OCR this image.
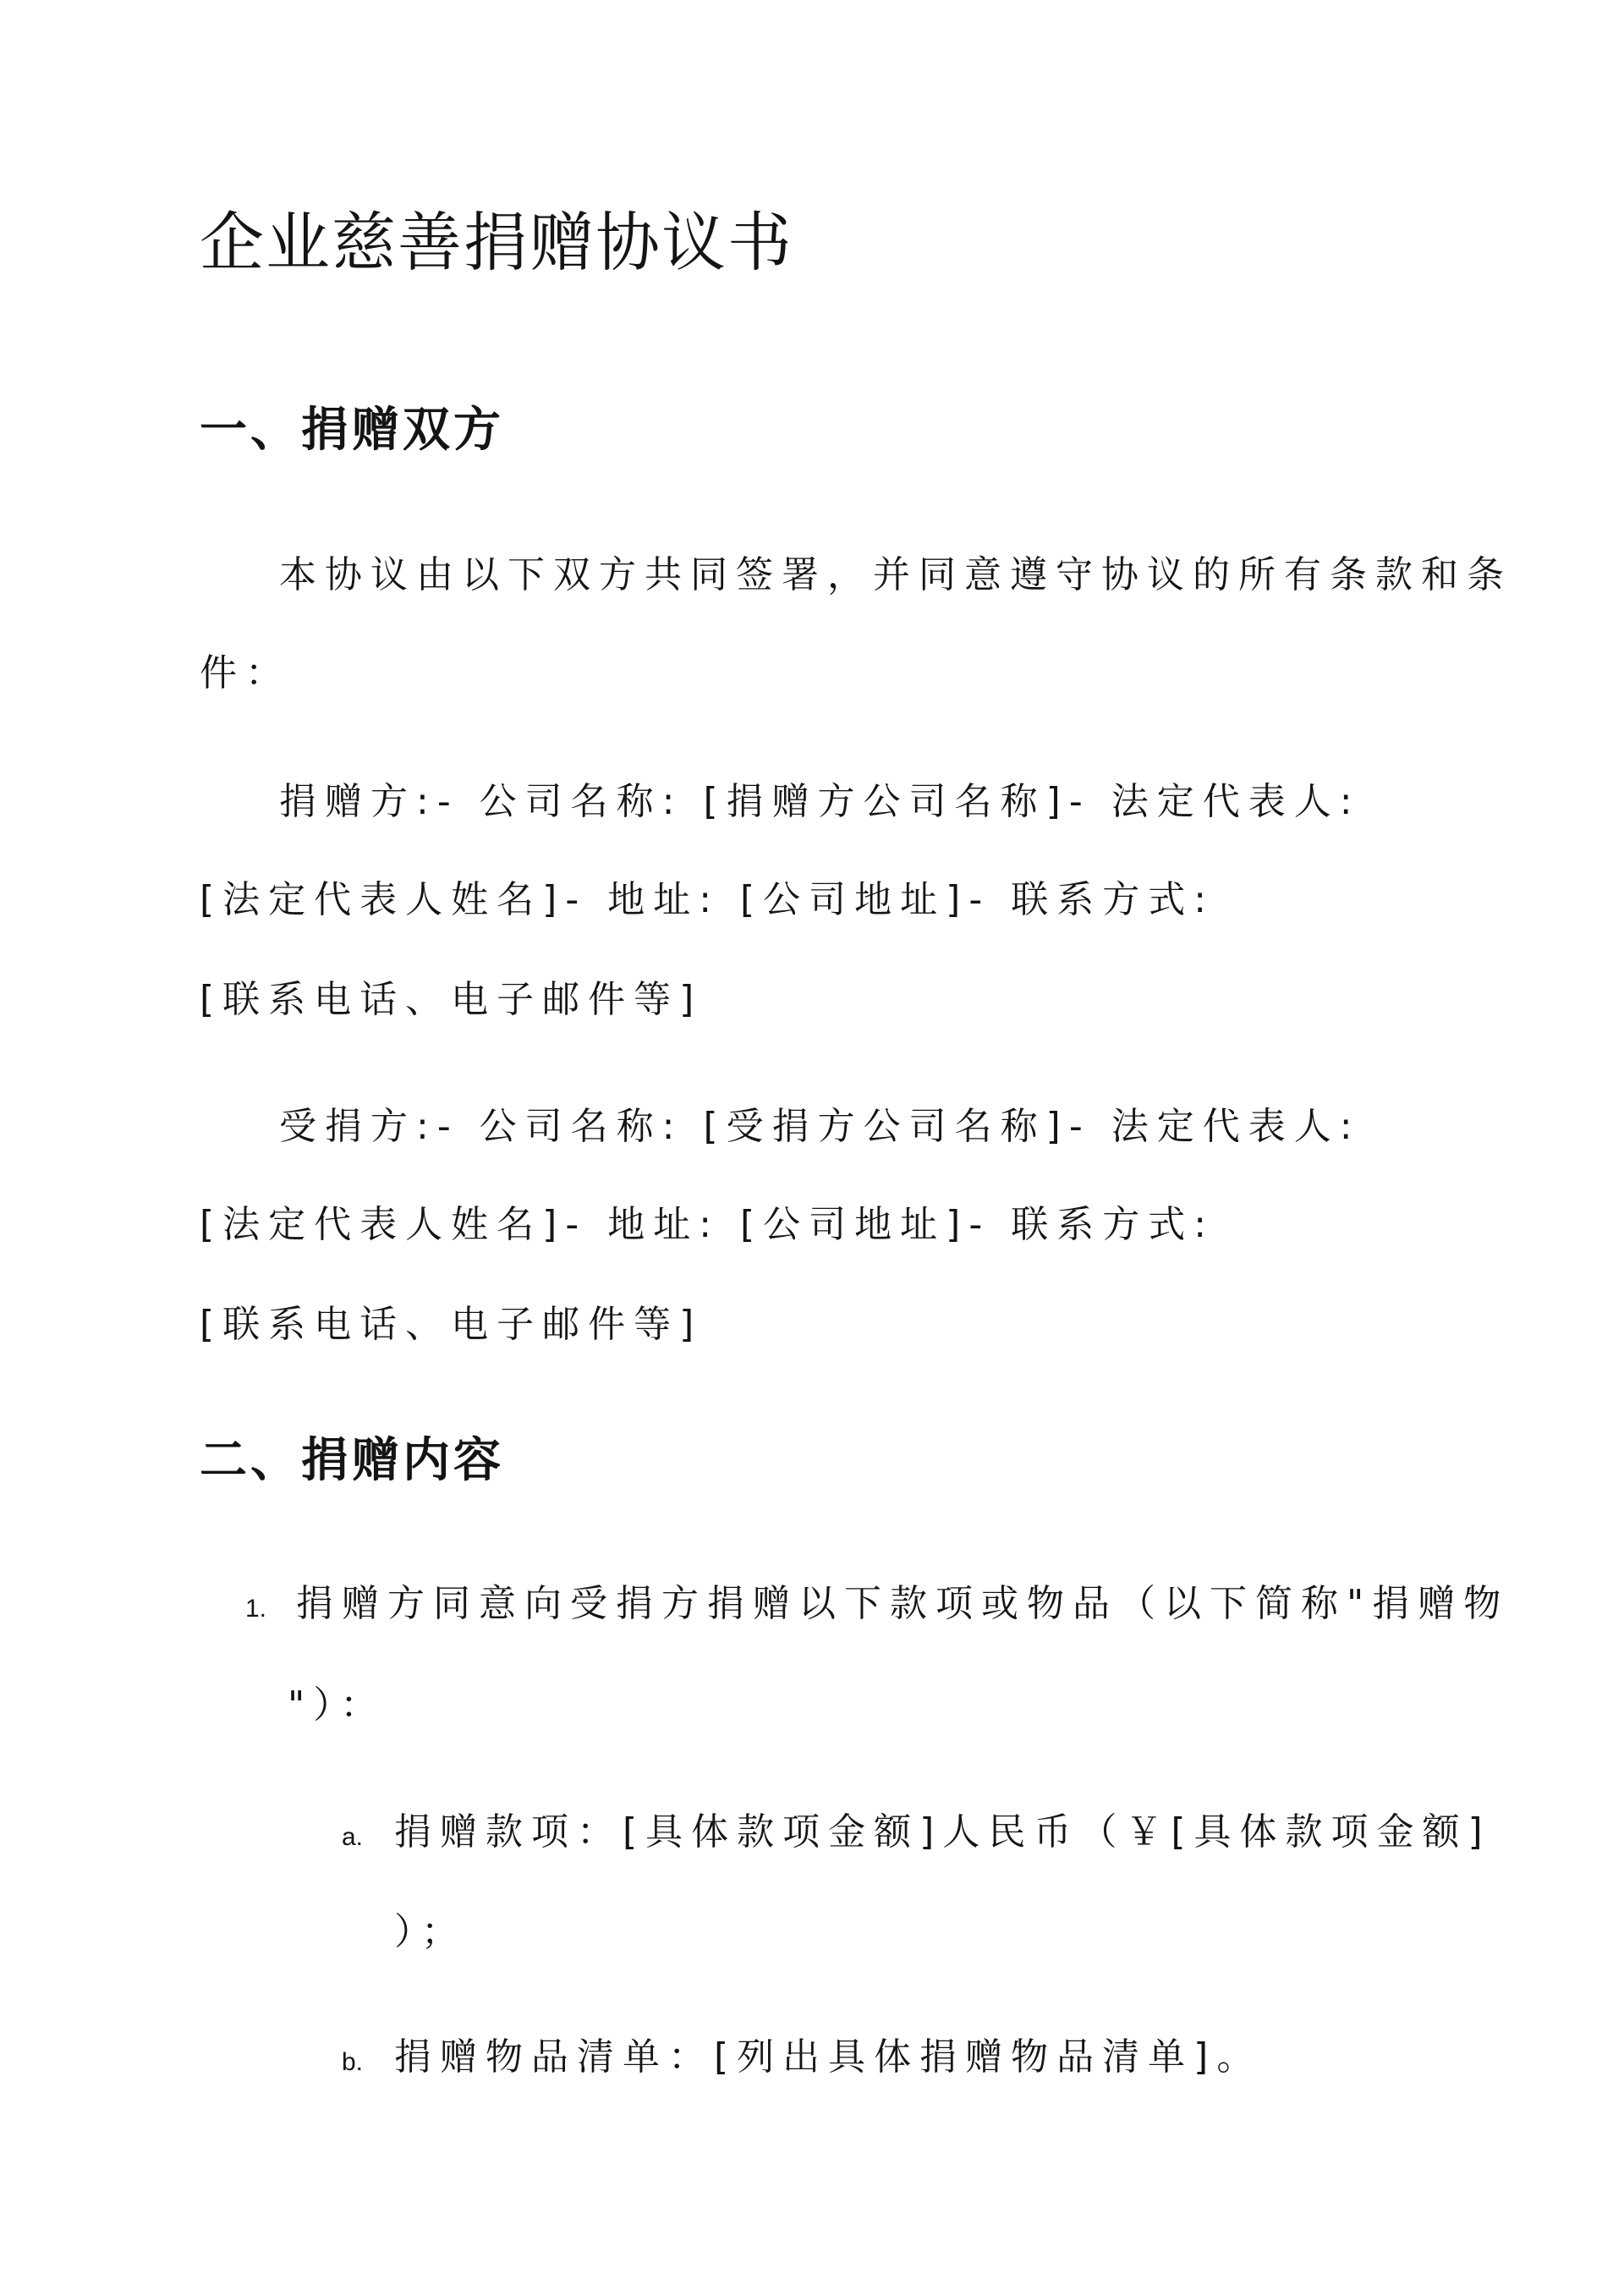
企业慈善捐赠协议书
一、捐赠双方
本协议由以下双方共同签署，并同意遵守协议的所有条款和条
件：
捐赠方:- 公司名称: [捐赠方公司名称]- 法定代表人:
[法定代表人姓名]- 地址: [公司地址]- 联系方式:
[联系电话、电子邮件等]
受捐方:- 公司名称: [受捐方公司名称]- 法定代表人:
[法定代表人姓名]- 地址: [公司地址]- 联系方式:
[联系电话、电子邮件等]
二、捐赠内容
1. 捐赠方同意向受捐方捐赠以下款项或物品（以下简称"捐赠物
"）：
a. 捐赠款项：[具体款项金额]人民币（￥[具体款项金额]
）；
b. 捐赠物品清单：[列出具体捐赠物品清单]。
